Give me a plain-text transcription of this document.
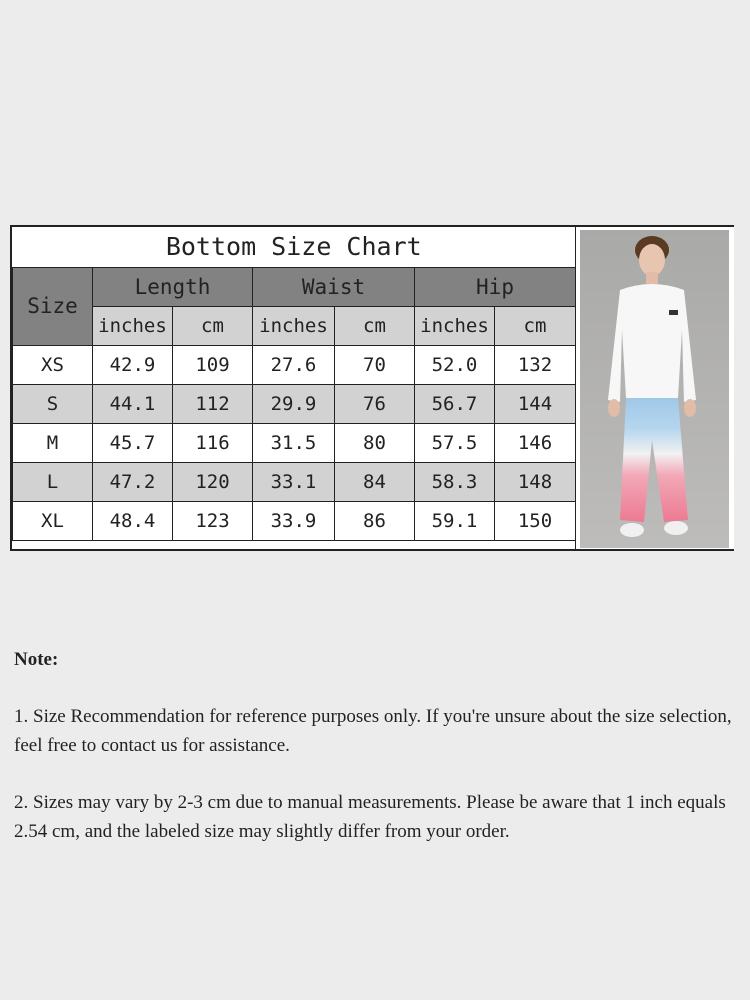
Bottom Size Chart						
Size	Length		Waist		Hip	
	inches	cm	inches	cm	inches	cm
XS	42.9	109	27.6	70	52.0	132
S	44.1	112	29.9	76	56.7	144
M	45.7	116	31.5	80	57.5	146
L	47.2	120	33.1	84	58.3	148
XL	48.4	123	33.9	86	59.1	150

Note:

1. Size Recommendation for reference purposes only. If you're unsure about the size selection, feel free to contact us for assistance.

2. Sizes may vary by 2-3 cm due to manual measurements. Please be aware that 1 inch equals 2.54 cm, and the labeled size may slightly differ from your order.
